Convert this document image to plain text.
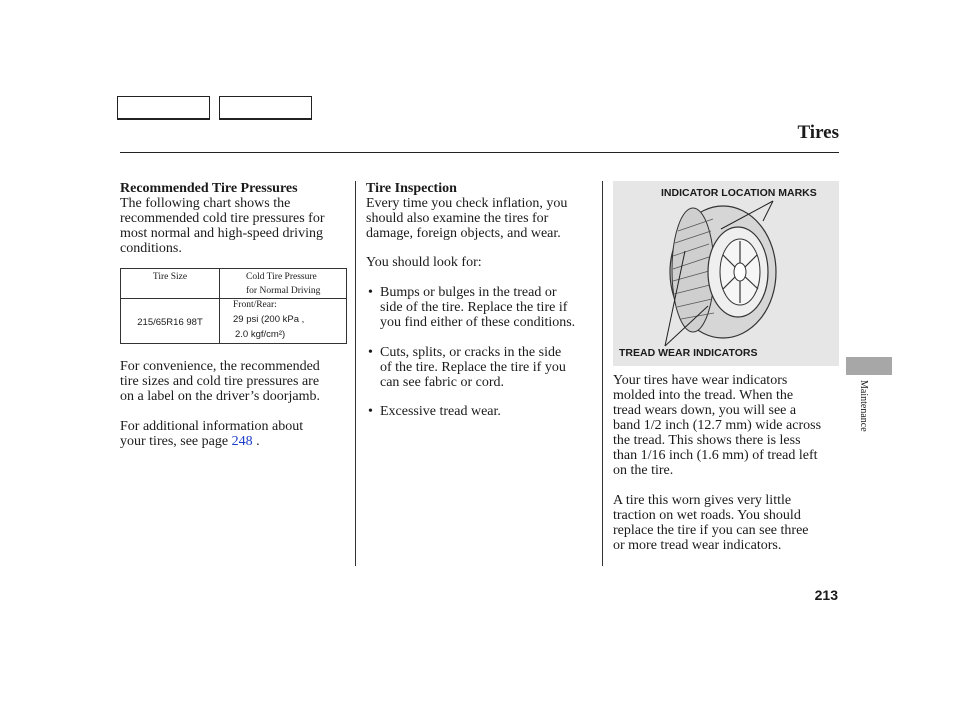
Tires

Recommended Tire Pressures

The following chart shows the

recommended cold tire pressures for

most normal and high-speed driving

conditions.

Tire Size	Cold Tire Pressure
for Normal Driving

215/65R16 98T	Front/Rear:
29 psi (200 kPa ,
2.0 kgf/cm²)

For convenience, the recommended

tire sizes and cold tire pressures are

on a label on the driver’s doorjamb.

For additional information about

your tires, see page 248 .

Tire Inspection

Every time you check inflation, you

should also examine the tires for

damage, foreign objects, and wear.

You should look for:

• Bumps or bulges in the tread or

side of the tire. Replace the tire if

you find either of these conditions.

• Cuts, splits, or cracks in the side

of the tire. Replace the tire if you

can see fabric or cord.

• Excessive tread wear.

INDICATOR LOCATION MARKS
TREAD WEAR INDICATORS

Your tires have wear indicators

molded into the tread. When the

tread wears down, you will see a

band 1/2 inch (12.7 mm) wide across

the tread. This shows there is less

than 1/16 inch (1.6 mm) of tread left

on the tire.

A tire this worn gives very little

traction on wet roads. You should

replace the tire if you can see three

or more tread wear indicators.

Maintenance
213
